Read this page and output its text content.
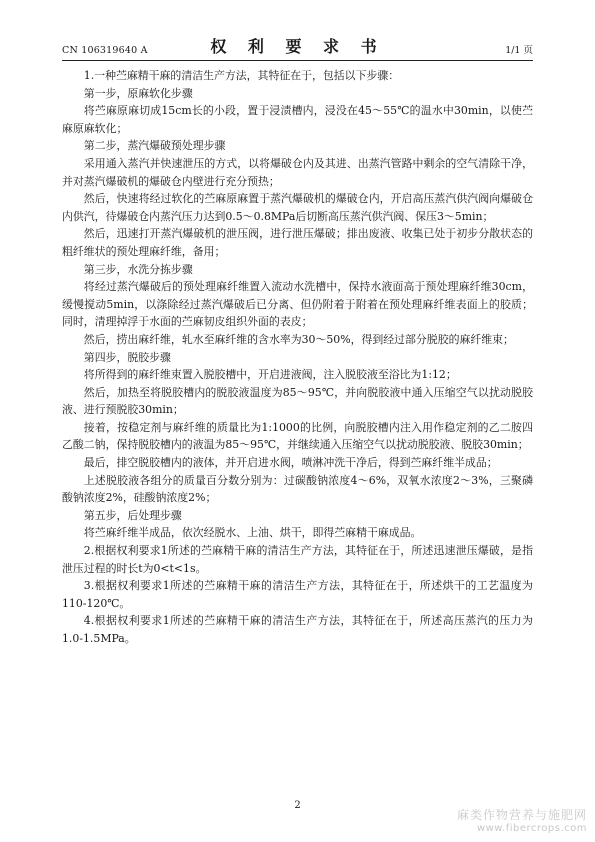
CN 106319640 A	权 利 要 求 书	1/1 页

1.一种苎麻精干麻的清洁生产方法，其特征在于，包括以下步骤：

第一步，原麻软化步骤

将苎麻原麻切成15cm长的小段，置于浸渍槽内，浸没在45～55℃的温水中30min，以使苎麻原麻软化；

第二步，蒸汽爆破预处理步骤

采用通入蒸汽并快速泄压的方式，以将爆破仓内及其进、出蒸汽管路中剩余的空气清除干净，并对蒸汽爆破机的爆破仓内壁进行充分预热；

然后，快速将经过软化的苎麻原麻置于蒸汽爆破机的爆破仓内，开启高压蒸汽供汽阀向爆破仓内供汽，待爆破仓内蒸汽压力达到0.5～0.8MPa后切断高压蒸汽供汽阀、保压3～5min；

然后，迅速打开蒸汽爆破机的泄压阀，进行泄压爆破；排出废液、收集已处于初步分散状态的粗纤维状的预处理麻纤维，备用；

第三步，水洗分拣步骤

将经过蒸汽爆破后的预处理麻纤维置入流动水洗槽中，保持水液面高于预处理麻纤维30cm，缓慢搅动5min，以涤除经过蒸汽爆破后已分离、但仍附着于附着在预处理麻纤维表面上的胶质；同时，清理掉浮于水面的苎麻韧皮组织外面的表皮；

然后，捞出麻纤维，轧水至麻纤维的含水率为30～50%，得到经过部分脱胶的麻纤维束；

第四步，脱胶步骤

将所得到的麻纤维束置入脱胶槽中，开启进液阀，注入脱胶液至浴比为1:12；

然后，加热至将脱胶槽内的脱胶液温度为85～95℃，并向脱胶液中通入压缩空气以扰动脱胶液、进行预脱胶30min；

接着，按稳定剂与麻纤维的质量比为1:1000的比例，向脱胶槽内注入用作稳定剂的乙二胺四乙酸二钠，保持脱胶槽内的液温为85～95℃，并继续通入压缩空气以扰动脱胶液、脱胶30min；

最后，排空脱胶槽内的液体，并开启进水阀，喷淋冲洗干净后，得到苎麻纤维半成品；

上述脱胶液各组分的质量百分数分别为：过碳酸钠浓度4～6%，双氧水浓度2～3%，三聚磷酸钠浓度2%，硅酸钠浓度2%；

第五步，后处理步骤

将苎麻纤维半成品，依次经脱水、上油、烘干，即得苎麻精干麻成品。

2.根据权利要求1所述的苎麻精干麻的清洁生产方法，其特征在于，所述迅速泄压爆破，是指泄压过程的时长t为0<t<1s。

3.根据权利要求1所述的苎麻精干麻的清洁生产方法，其特征在于，所述烘干的工艺温度为110-120℃。

4.根据权利要求1所述的苎麻精干麻的清洁生产方法，其特征在于，所述高压蒸汽的压力为1.0-1.5MPa。

2
麻类作物营养与施肥网
www.fibercrops.com
